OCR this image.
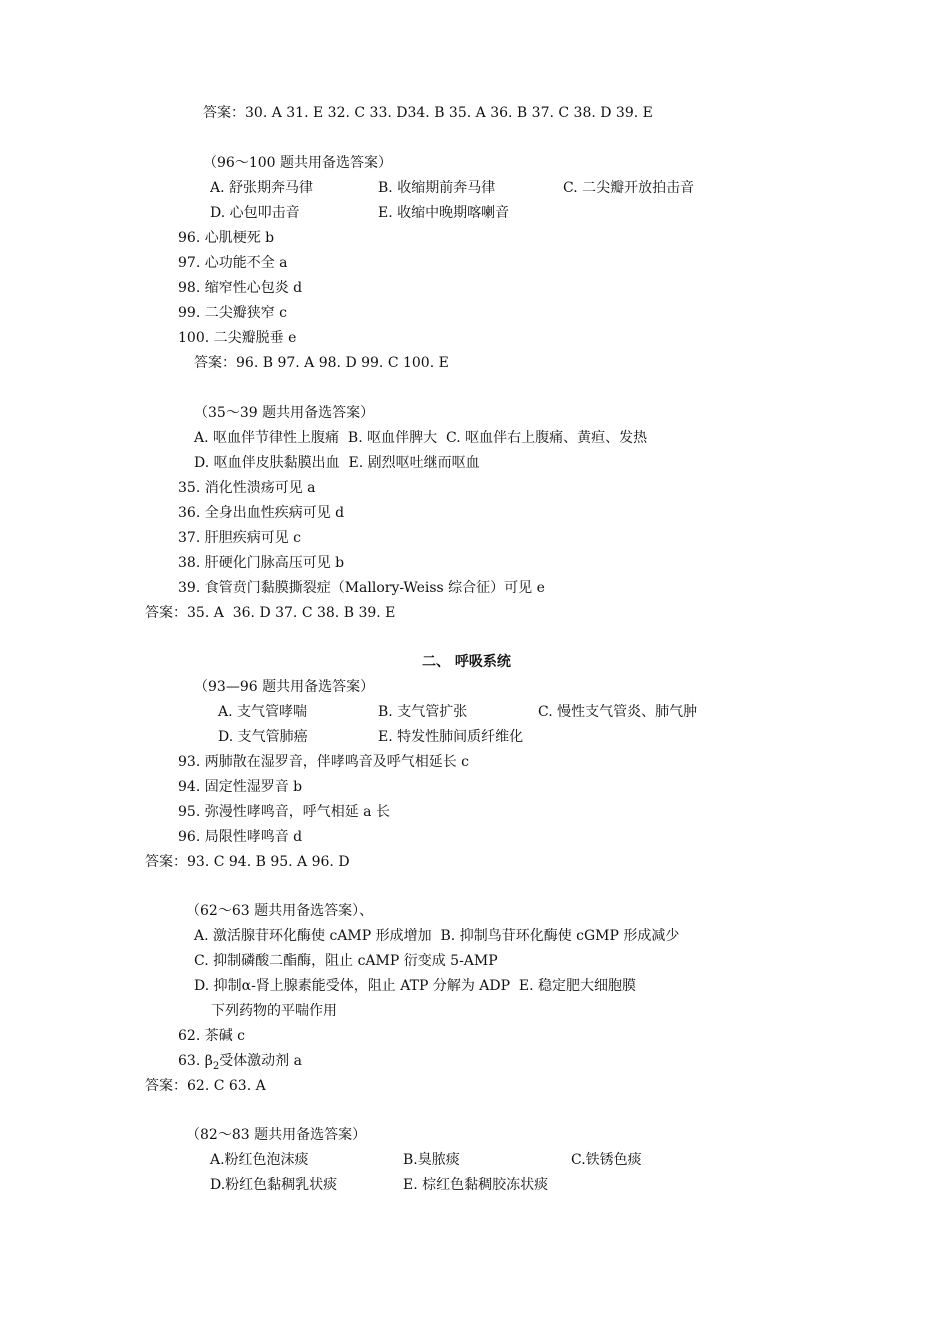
答案：30. A 31. E 32. C 33. D34. B 35. A 36. B 37. C 38. D 39. E
（96～100 题共用备选答案）
A. 舒张期奔马律	B. 收缩期前奔马律	C. 二尖瓣开放拍击音
D. 心包叩击音	E. 收缩中晚期喀喇音
96. 心肌梗死 b
97. 心功能不全 a
98. 缩窄性心包炎 d
99. 二尖瓣狭窄 c
100. 二尖瓣脱垂 e
答案：96. B 97. A 98. D 99. C 100. E
（35～39 题共用备选答案）
A. 呕血伴节律性上腹痛  B. 呕血伴脾大  C. 呕血伴右上腹痛、黄疸、发热
D. 呕血伴皮肤黏膜出血  E. 剧烈呕吐继而呕血
35. 消化性溃疡可见 a
36. 全身出血性疾病可见 d
37. 肝胆疾病可见 c
38. 肝硬化门脉高压可见 b
39. 食管贲门黏膜撕裂症（Mallory-Weiss 综合征）可见 e
答案：35. A  36. D 37. C 38. B 39. E
二、 呼吸系统
（93—96 题共用备选答案）
A. 支气管哮喘	B. 支气管扩张	C. 慢性支气管炎、肺气肿
D. 支气管肺癌	E. 特发性肺间质纤维化
93. 两肺散在湿罗音，伴哮鸣音及呼气相延长 c
94. 固定性湿罗音 b
95. 弥漫性哮鸣音，呼气相延 a 长
96. 局限性哮鸣音 d
答案：93. C 94. B 95. A 96. D
（62～63 题共用备选答案）、
A. 激活腺苷环化酶使 cAMP 形成增加  B. 抑制鸟苷环化酶使 cGMP 形成减少
C. 抑制磷酸二酯酶，阻止 cAMP 衍变成 5-AMP
D. 抑制α-肾上腺素能受体，阻止 ATP 分解为 ADP  E. 稳定肥大细胞膜
下列药物的平喘作用
62. 茶碱 c
63. $\beta_2$受体激动剂 a
答案：62. C 63. A
（82～83 题共用备选答案）
A.粉红色泡沫痰	B.臭脓痰	C.铁锈色痰
D.粉红色黏稠乳状痰	E. 棕红色黏稠胶冻状痰
